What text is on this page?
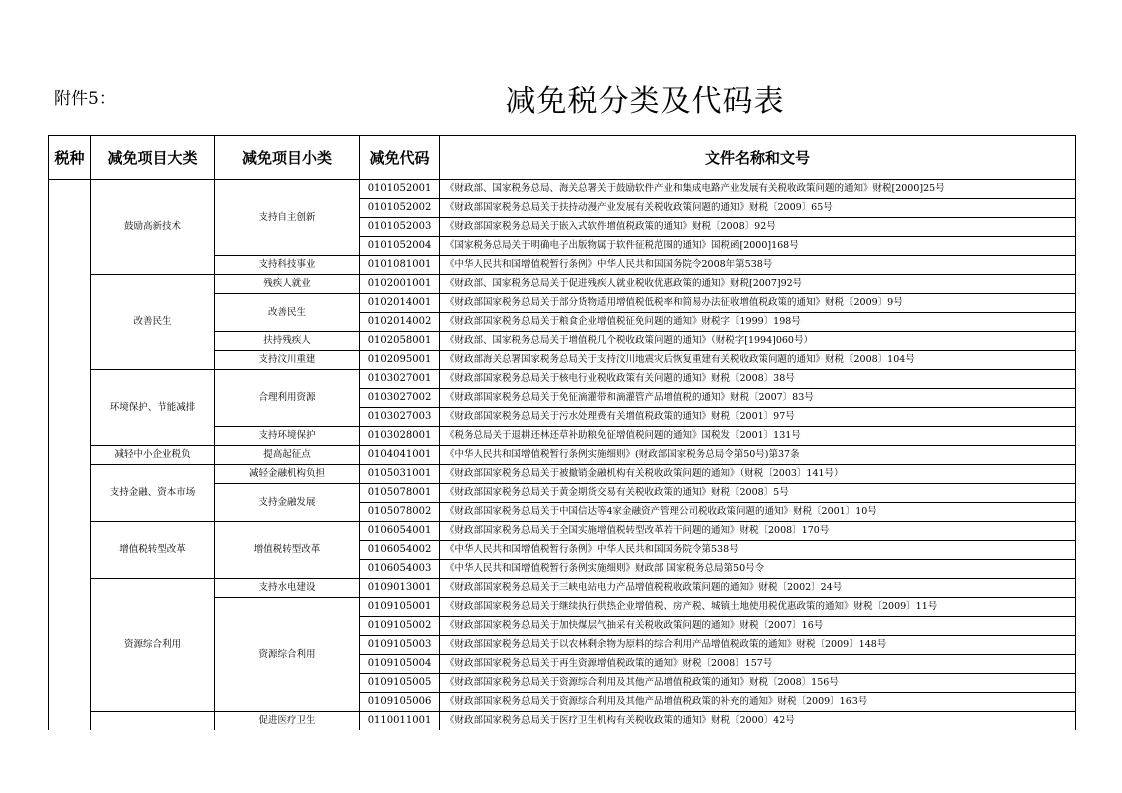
附件5：	减免税分类及代码表
税种	减免项目大类	减免项目小类	减免代码	文件名称和文号
	鼓励高新技术	支持自主创新	0101052001	《财政部、国家税务总局、海关总署关于鼓励软件产业和集成电路产业发展有关税收政策问题的通知》财税[2000]25号
			0101052002	《财政部国家税务总局关于扶持动漫产业发展有关税收政策问题的通知》财税〔2009〕65号
			0101052003	《财政部国家税务总局关于嵌入式软件增值税政策的通知》财税〔2008〕92号
			0101052004	《国家税务总局关于明确电子出版物属于软件征税范围的通知》国税函[2000]168号
		支持科技事业	0101081001	《中华人民共和国增值税暂行条例》中华人民共和国国务院令2008年第538号
	改善民生	残疾人就业	0102001001	《财政部、国家税务总局关于促进残疾人就业税收优惠政策的通知》财税[2007]92号
		改善民生	0102014001	《财政部国家税务总局关于部分货物适用增值税低税率和简易办法征收增值税政策的通知》财税〔2009〕9号
			0102014002	《财政部国家税务总局关于粮食企业增值税征免问题的通知》财税字〔1999〕198号
		扶持残疾人	0102058001	《财政部、国家税务总局关于增值税几个税收政策问题的通知》（财税字[1994]060号）
		支持汶川重建	0102095001	《财政部海关总署国家税务总局关于支持汶川地震灾后恢复重建有关税收政策问题的通知》财税〔2008〕104号
	环境保护、节能减排	合理利用资源	0103027001	《财政部国家税务总局关于核电行业税收政策有关问题的通知》财税〔2008〕38号
			0103027002	《财政部国家税务总局关于免征滴灌带和滴灌管产品增值税的通知》财税〔2007〕83号
			0103027003	《财政部国家税务总局关于污水处理费有关增值税政策的通知》财税〔2001〕97号
		支持环境保护	0103028001	《税务总局关于退耕还林还草补助粮免征增值税问题的通知》国税发〔2001〕131号
	减轻中小企业税负	提高起征点	0104041001	《中华人民共和国增值税暂行条例实施细则》(财政部国家税务总局令第50号)第37条
	支持金融、资本市场	减轻金融机构负担	0105031001	《财政部国家税务总局关于被撤销金融机构有关税收政策问题的通知》（财税〔2003〕141号）
		支持金融发展	0105078001	《财政部国家税务总局关于黄金期货交易有关税收政策的通知》财税〔2008〕5号
			0105078002	《财政部国家税务总局关于中国信达等4家金融资产管理公司税收政策问题的通知》财税〔2001〕10号
	增值税转型改革	增值税转型改革	0106054001	《财政部国家税务总局关于全国实施增值税转型改革若干问题的通知》财税〔2008〕170号
			0106054002	《中华人民共和国增值税暂行条例》中华人民共和国国务院令第538号
			0106054003	《中华人民共和国增值税暂行条例实施细则》财政部 国家税务总局第50号令
	资源综合利用	支持水电建设	0109013001	《财政部国家税务总局关于三峡电站电力产品增值税税收政策问题的通知》财税〔2002〕24号
		资源综合利用	0109105001	《财政部国家税务总局关于继续执行供热企业增值税、房产税、城镇土地使用税优惠政策的通知》财税〔2009〕11号
			0109105002	《财政部国家税务总局关于加快煤层气抽采有关税收政策问题的通知》财税〔2007〕16号
			0109105003	《财政部国家税务总局关于以农林剩余物为原料的综合利用产品增值税政策的通知》财税〔2009〕148号
			0109105004	《财政部国家税务总局关于再生资源增值税政策的通知》财税〔2008〕157号
			0109105005	《财政部国家税务总局关于资源综合利用及其他产品增值税政策的通知》财税〔2008〕156号
			0109105006	《财政部国家税务总局关于资源综合利用及其他产品增值税政策的补充的通知》财税〔2009〕163号
		促进医疗卫生	0110011001	《财政部国家税务总局关于医疗卫生机构有关税收政策的通知》财税〔2000〕42号
